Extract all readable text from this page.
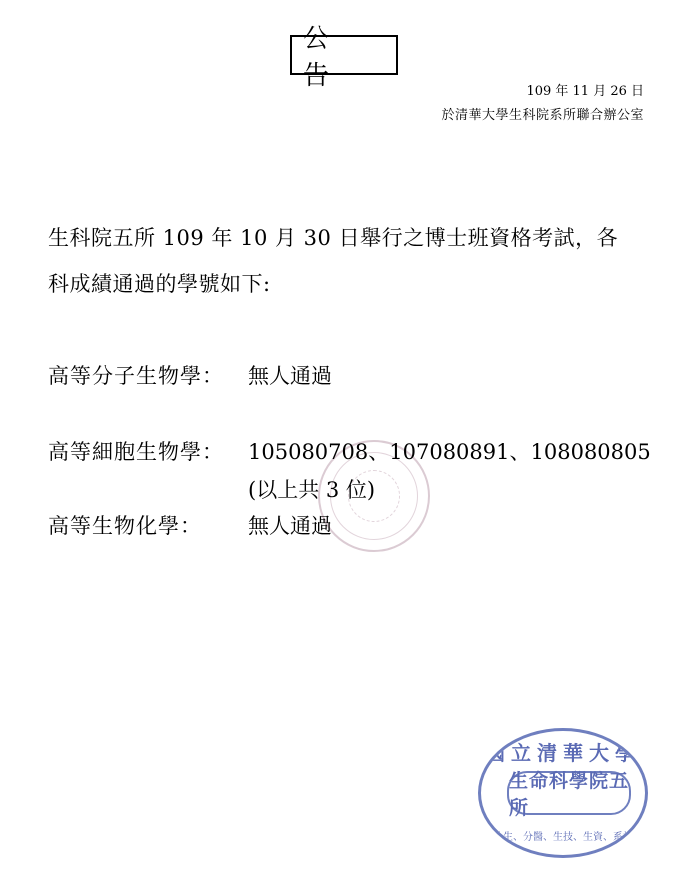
公　告
109 年 11 月 26 日
於清華大學生科院系所聯合辦公室
生科院五所 109 年 10 月 30 日舉行之博士班資格考試，各
科成績通過的學號如下:
高等分子生物學： 無人通過
高等細胞生物學： 105080708、107080891、108080805
(以上共 3 位)
高等生物化學： 無人通過
國立清華大學
生命科學院五所
分生、分醫、生技、生資、系神
